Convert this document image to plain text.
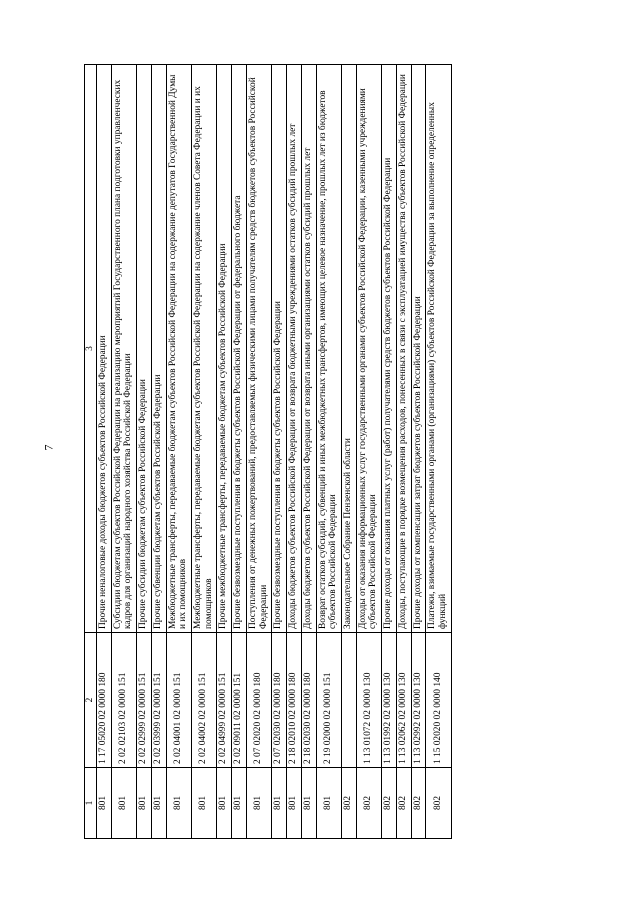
7
1	2	3
801	1 17 05020 02 0000 180	Прочие неналоговые доходы бюджетов субъектов Российской Федерации
801	2 02 02103 02 0000 151	Субсидии бюджетам субъектов Российской Федерации на реализацию мероприятий Государственного плана подготовки управленческих кадров для организаций народного хозяйства Российской Федерации
801	2 02 02999 02 0000 151	Прочие субсидии бюджетам субъектов Российской Федерации
801	2 02 03999 02 0000 151	Прочие субвенции бюджетам субъектов Российской Федерации
801	2 02 04001 02 0000 151	Межбюджетные трансферты, передаваемые бюджетам субъектов Российской Федерации на содержание депутатов Государственной Думы и их помощников
801	2 02 04002 02 0000 151	Межбюджетные трансферты, передаваемые бюджетам субъектов Российской Федерации на содержание членов Совета Федерации и их помощников
801	2 02 04999 02 0000 151	Прочие межбюджетные трансферты, передаваемые бюджетам субъектов Российской Федерации
801	2 02 09011 02 0000 151	Прочие безвозмездные поступления в бюджеты субъектов Российской Федерации от федерального бюджета
801	2 07 02020 02 0000 180	Поступления от денежных пожертвований, предоставляемых физическими лицами получателям средств бюджетов субъектов Российской Федерации
801	2 07 02030 02 0000 180	Прочие безвозмездные поступления в бюджеты субъектов Российской Федерации
801	2 18 02010 02 0000 180	Доходы бюджетов субъектов Российской Федерации от возврата бюджетными учреждениями остатков субсидий прошлых лет
801	2 18 02030 02 0000 180	Доходы бюджетов субъектов Российской Федерации от возврата иными организациями остатков субсидий прошлых лет
801	2 19 02000 02 0000 151	Возврат остатков субсидий, субвенций и иных межбюджетных трансфертов, имеющих целевое назначение, прошлых лет из бюджетов субъектов Российской Федерации
802		Законодательное Собрание Пензенской области
802	1 13 01072 02 0000 130	Доходы от оказания информационных услуг государственными органами субъектов Российской Федерации, казенными учреждениями субъектов Российской Федерации
802	1 13 01992 02 0000 130	Прочие доходы от оказания платных услуг (работ) получателями средств бюджетов субъектов Российской Федерации
802	1 13 02062 02 0000 130	Доходы, поступающие в порядке возмещения расходов, понесенных в связи с эксплуатацией имущества субъектов Российской Федерации
802	1 13 02992 02 0000 130	Прочие доходы от компенсации затрат бюджетов субъектов Российской Федерации
802	1 15 02020 02 0000 140	Платежи, взимаемые государственными органами (организациями) субъектов Российской Федерации за выполнение определенных функций
